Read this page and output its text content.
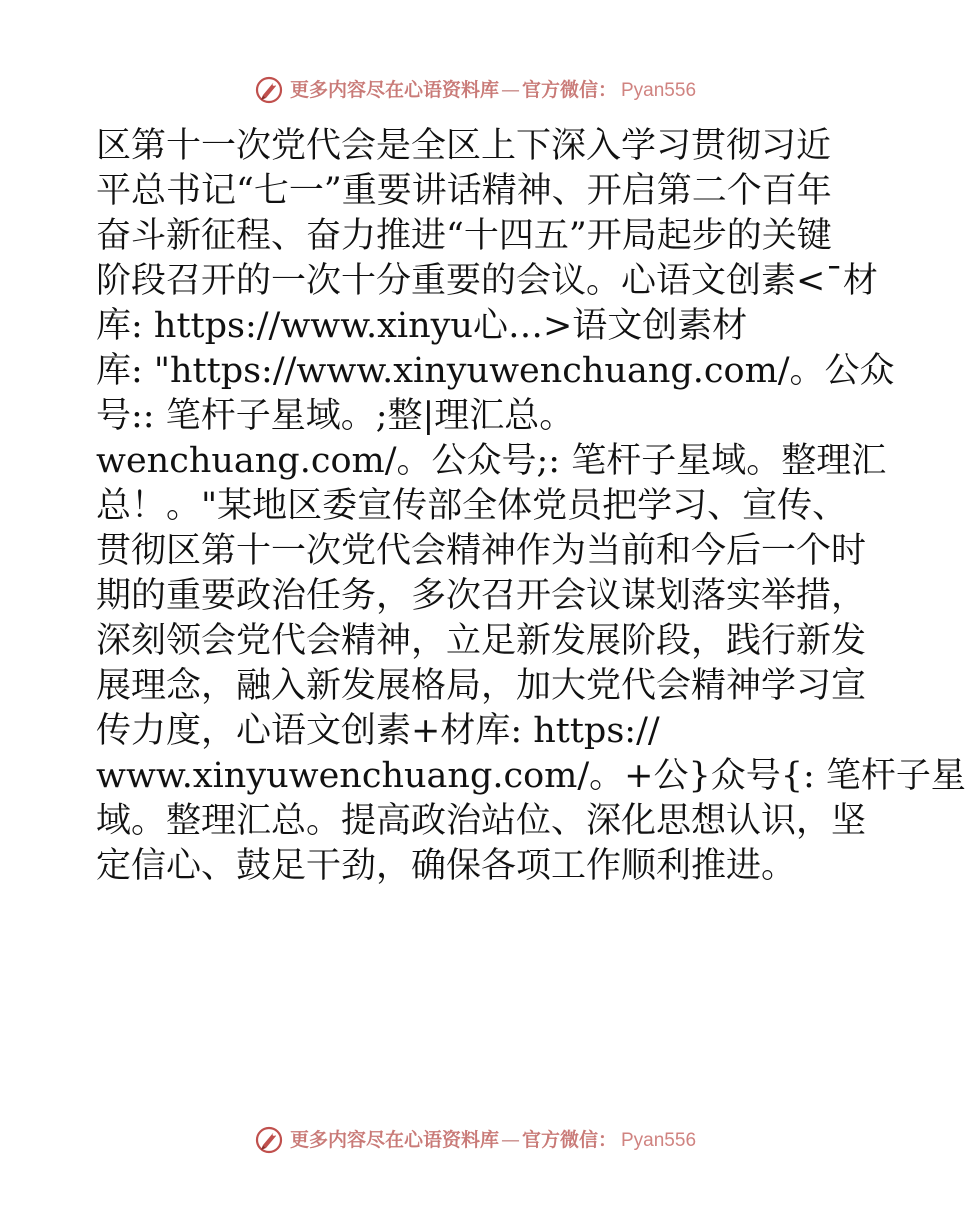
更多内容尽在心语资料库 — 官方微信： Pyan556
区第十一次党代会是全区上下深入学习贯彻习近
平总书记“七一”重要讲话精神、开启第二个百年
奋斗新征程、奋力推进“十四五”开局起步的关键
阶段召开的一次十分重要的会议。心语文创素<¯材
库: https://www.xinyu心…>语文创素材
库: "https://www.xinyuwenchuang.com/。公众
号:: 笔杆子星域。;整|理汇总。
wenchuang.com/。公众号;: 笔杆子星域。整理汇
总！。"某地区委宣传部全体党员把学习、宣传、
贯彻区第十一次党代会精神作为当前和今后一个时
期的重要政治任务，多次召开会议谋划落实举措，
深刻领会党代会精神，立足新发展阶段，践行新发
展理念，融入新发展格局，加大党代会精神学习宣
传力度，心语文创素+材库: https://
www.xinyuwenchuang.com/。+公}众号{: 笔杆子星
域。整理汇总。提高政治站位、深化思想认识，坚
定信心、鼓足干劲，确保各项工作顺利推进。
更多内容尽在心语资料库 — 官方微信： Pyan556
